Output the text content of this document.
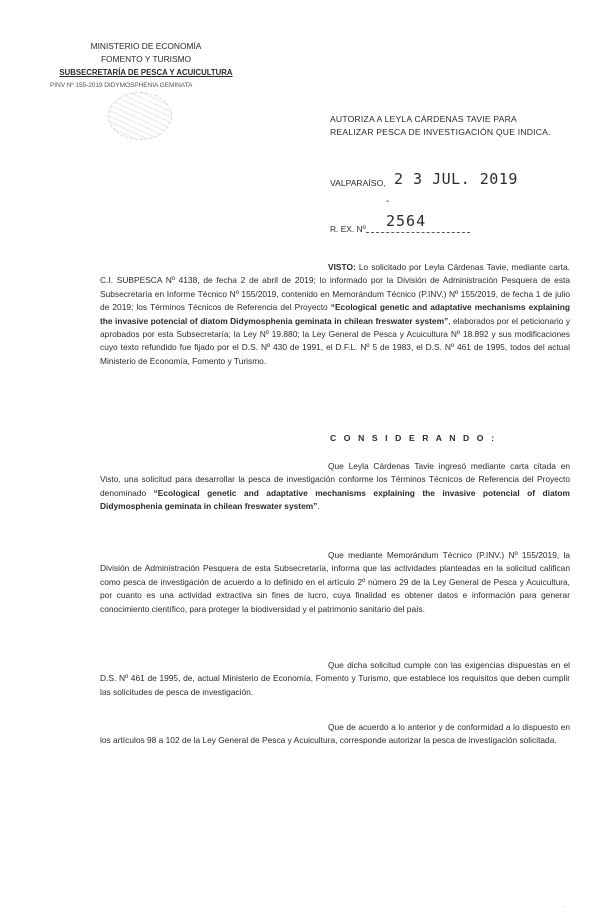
MINISTERIO DE ECONOMÍA
FOMENTO Y TURISMO
SUBSECRETARÍA DE PESCA Y ACUICULTURA
PINV Nº 155-2019 DIDYMOSPHENIA GEMINATA
AUTORIZA A LEYLA CÁRDENAS TAVIE PARA
REALIZAR PESCA DE INVESTIGACIÓN QUE INDICA.
VALPARAÍSO, 2 3 JUL. 2019
-
R. EX. Nº 2564
VISTO: Lo solicitado por Leyla Cárdenas Tavie, mediante carta. C.I. SUBPESCA Nº 4138, de fecha 2 de abril de 2019; lo informado por la División de Administración Pesquera de esta Subsecretaría en Informe Técnico Nº 155/2019, contenido en Memorándum Técnico (P.INV.) Nº 155/2019, de fecha 1 de julio de 2019; los Términos Técnicos de Referencia del Proyecto “Ecological genetic and adaptative mechanisms explaining the invasive potencial of diatom Didymosphenia geminata in chilean freswater system”, elaborados por el peticionario y aprobados por esta Subsecretaría; la Ley Nº 19.880; la Ley General de Pesca y Acuicultura Nº 18.892 y sus modificaciones cuyo texto refundido fue fijado por el D.S. Nº 430 de 1991, el D.F.L. Nº 5 de 1983, el D.S. Nº 461 de 1995, todos del actual Ministerio de Economía, Fomento y Turismo.
C O N S I D E R A N D O :
Que Leyla Cárdenas Tavie ingresó mediante carta citada en Visto, una solicitud para desarrollar la pesca de investigación conforme los Términos Técnicos de Referencia del Proyecto denominado “Ecological genetic and adaptative mechanisms explaining the invasive potencial of diatom Didymosphenia geminata in chilean freswater system”.
Que mediante Memorándum Técnico (P.INV.) Nº 155/2019, la División de Administración Pesquera de esta Subsecretaría, informa que las actividades planteadas en la solicitud califican como pesca de investigación de acuerdo a lo definido en el artículo 2º número 29 de la Ley General de Pesca y Acuicultura, por cuanto es una actividad extractiva sin fines de lucro, cuya finalidad es obtener datos e información para generar conocimiento científico, para proteger la biodiversidad y el patrimonio sanitario del país.
Que dicha solicitud cumple con las exigencias dispuestas en el D.S. Nº 461 de 1995, de, actual Ministerio de Economía, Fomento y Turismo, que establece los requisitos que deben cumplir las solicitudes de pesca de investigación.
Que de acuerdo a lo anterior y de conformidad a lo dispuesto en los artículos 98 a 102 de la Ley General de Pesca y Acuicultura, corresponde autorizar la pesca de investigación solicitada.
·
